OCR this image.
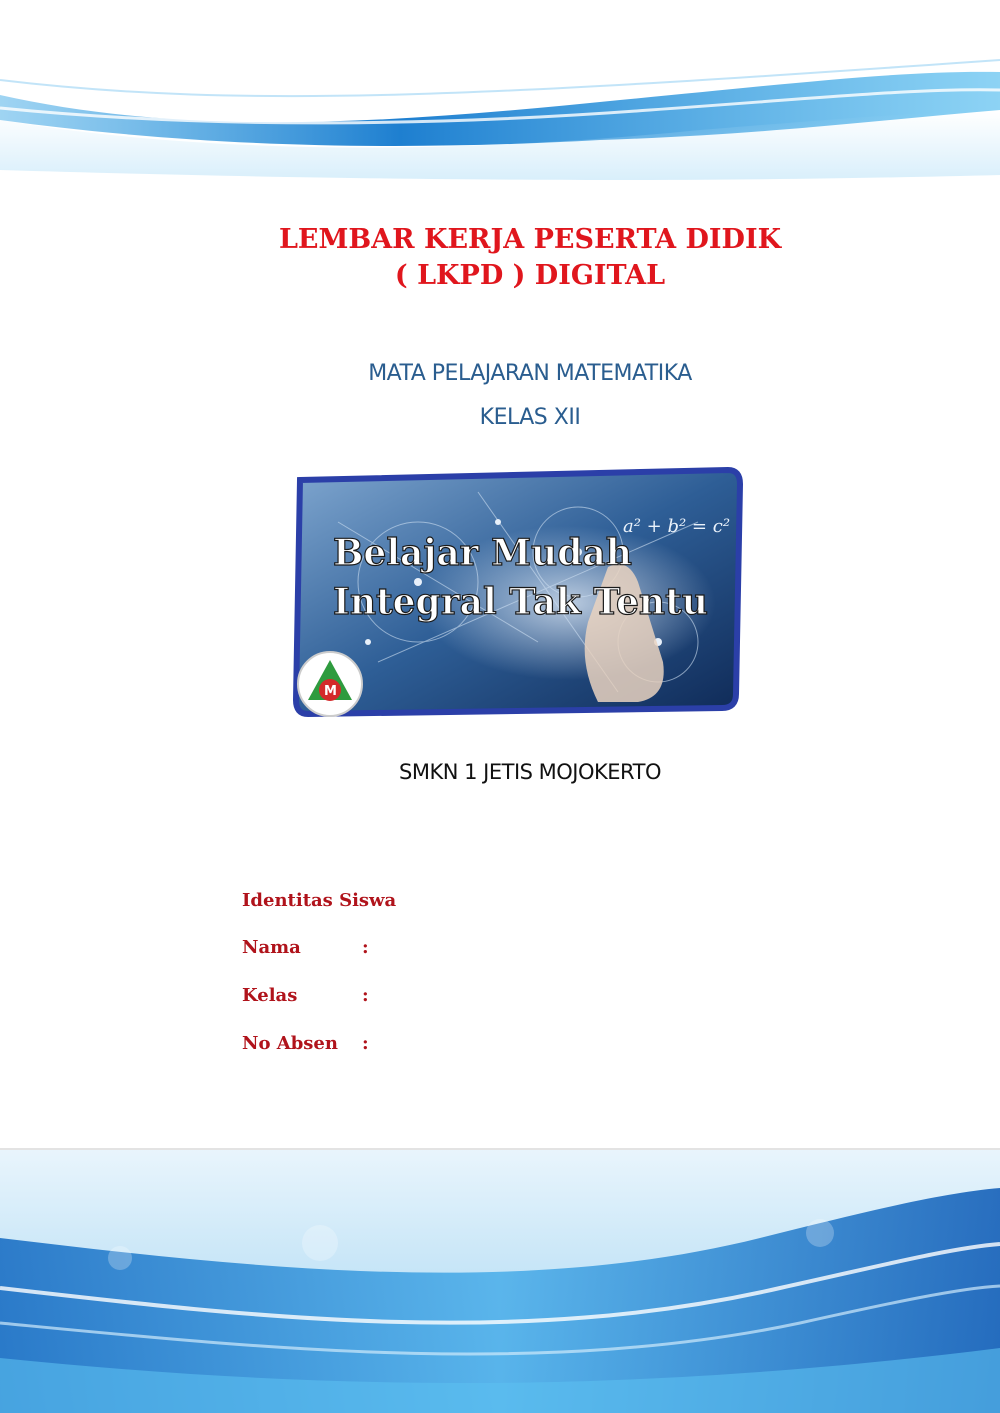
LEMBAR KERJA PESERTA DIDIK
( LKPD ) DIGITAL

MATA PELAJARAN MATEMATIKA

KELAS XII

a² + b² = c²
Belajar Mudah
Integral Tak Tentu
M

SMKN 1 JETIS MOJOKERTO

Identitas Siswa
Nama	:
Kelas	:
No Absen	:
